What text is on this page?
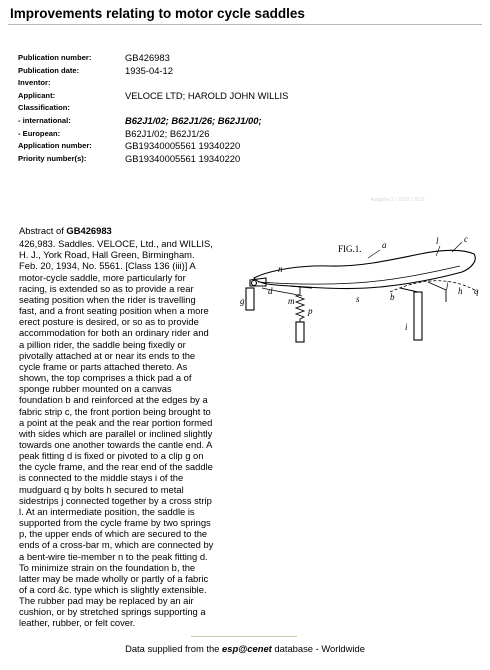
Improvements relating to motor cycle saddles
Publication number:	GB426983
Publication date:	1935-04-12
Inventor:
Applicant:	VELOCE LTD; HAROLD JOHN WILLIS
Classification:
- international:	B62J1/02; B62J1/26; B62J1/00;
- European:	B62J1/02; B62J1/26
Application number:	GB19340005561 19340220
Priority number(s):	GB19340005561 19340220
Ausgabe 2 / 2018 / 2019

Abstract of GB426983

426,983. Saddles. VELOCE, Ltd., and WILLIS,
H. J., York Road, Hall Green, Birmingham.
Feb. 20, 1934, No. 5561. [Class 136 (iii)] A
motor-cycle saddle, more particularly for
racing, is extended so as to provide a rear
seating position when the rider is travelling
fast, and a front seating position when a more
erect posture is desired, or so as to provide
accommodation for both an ordinary rider and
a pillion rider, the saddle being fixedly or
pivotally attached at or near its ends to the
cycle frame or parts attached thereto. As
shown, the top comprises a thick pad a of
sponge rubber mounted on a canvas
foundation b and reinforced at the edges by a
fabric strip c, the front portion being brought to
a point at the peak and the rear portion formed
with sides which are parallel or inclined slightly
towards one another towards the cantle end. A
peak fitting d is fixed or pivoted to a clip g on
the cycle frame, and the rear end of the saddle
is connected to the middle stays i of the
mudguard q by bolts h secured to metal
sidestrips j connected together by a cross strip
l. At an intermediate position, the saddle is
supported from the cycle frame by two springs
p, the upper ends of which are secured to the
ends of a cross-bar m, which are connected by
a bent-wire tie-member n to the peak fitting d.
To minimize strain on the foundation b, the
latter may be made wholly or partly of a fabric
of a cord &c. type which is slightly extensible.
The rubber pad may be replaced by an air
cushion, or by stretched springs supporting a
leather, rubber, or felt cover.

FIG.1. a
c
l
n
d
b
s
j
h q
m
p
i
g
Data supplied from the esp@cenet database - Worldwide
